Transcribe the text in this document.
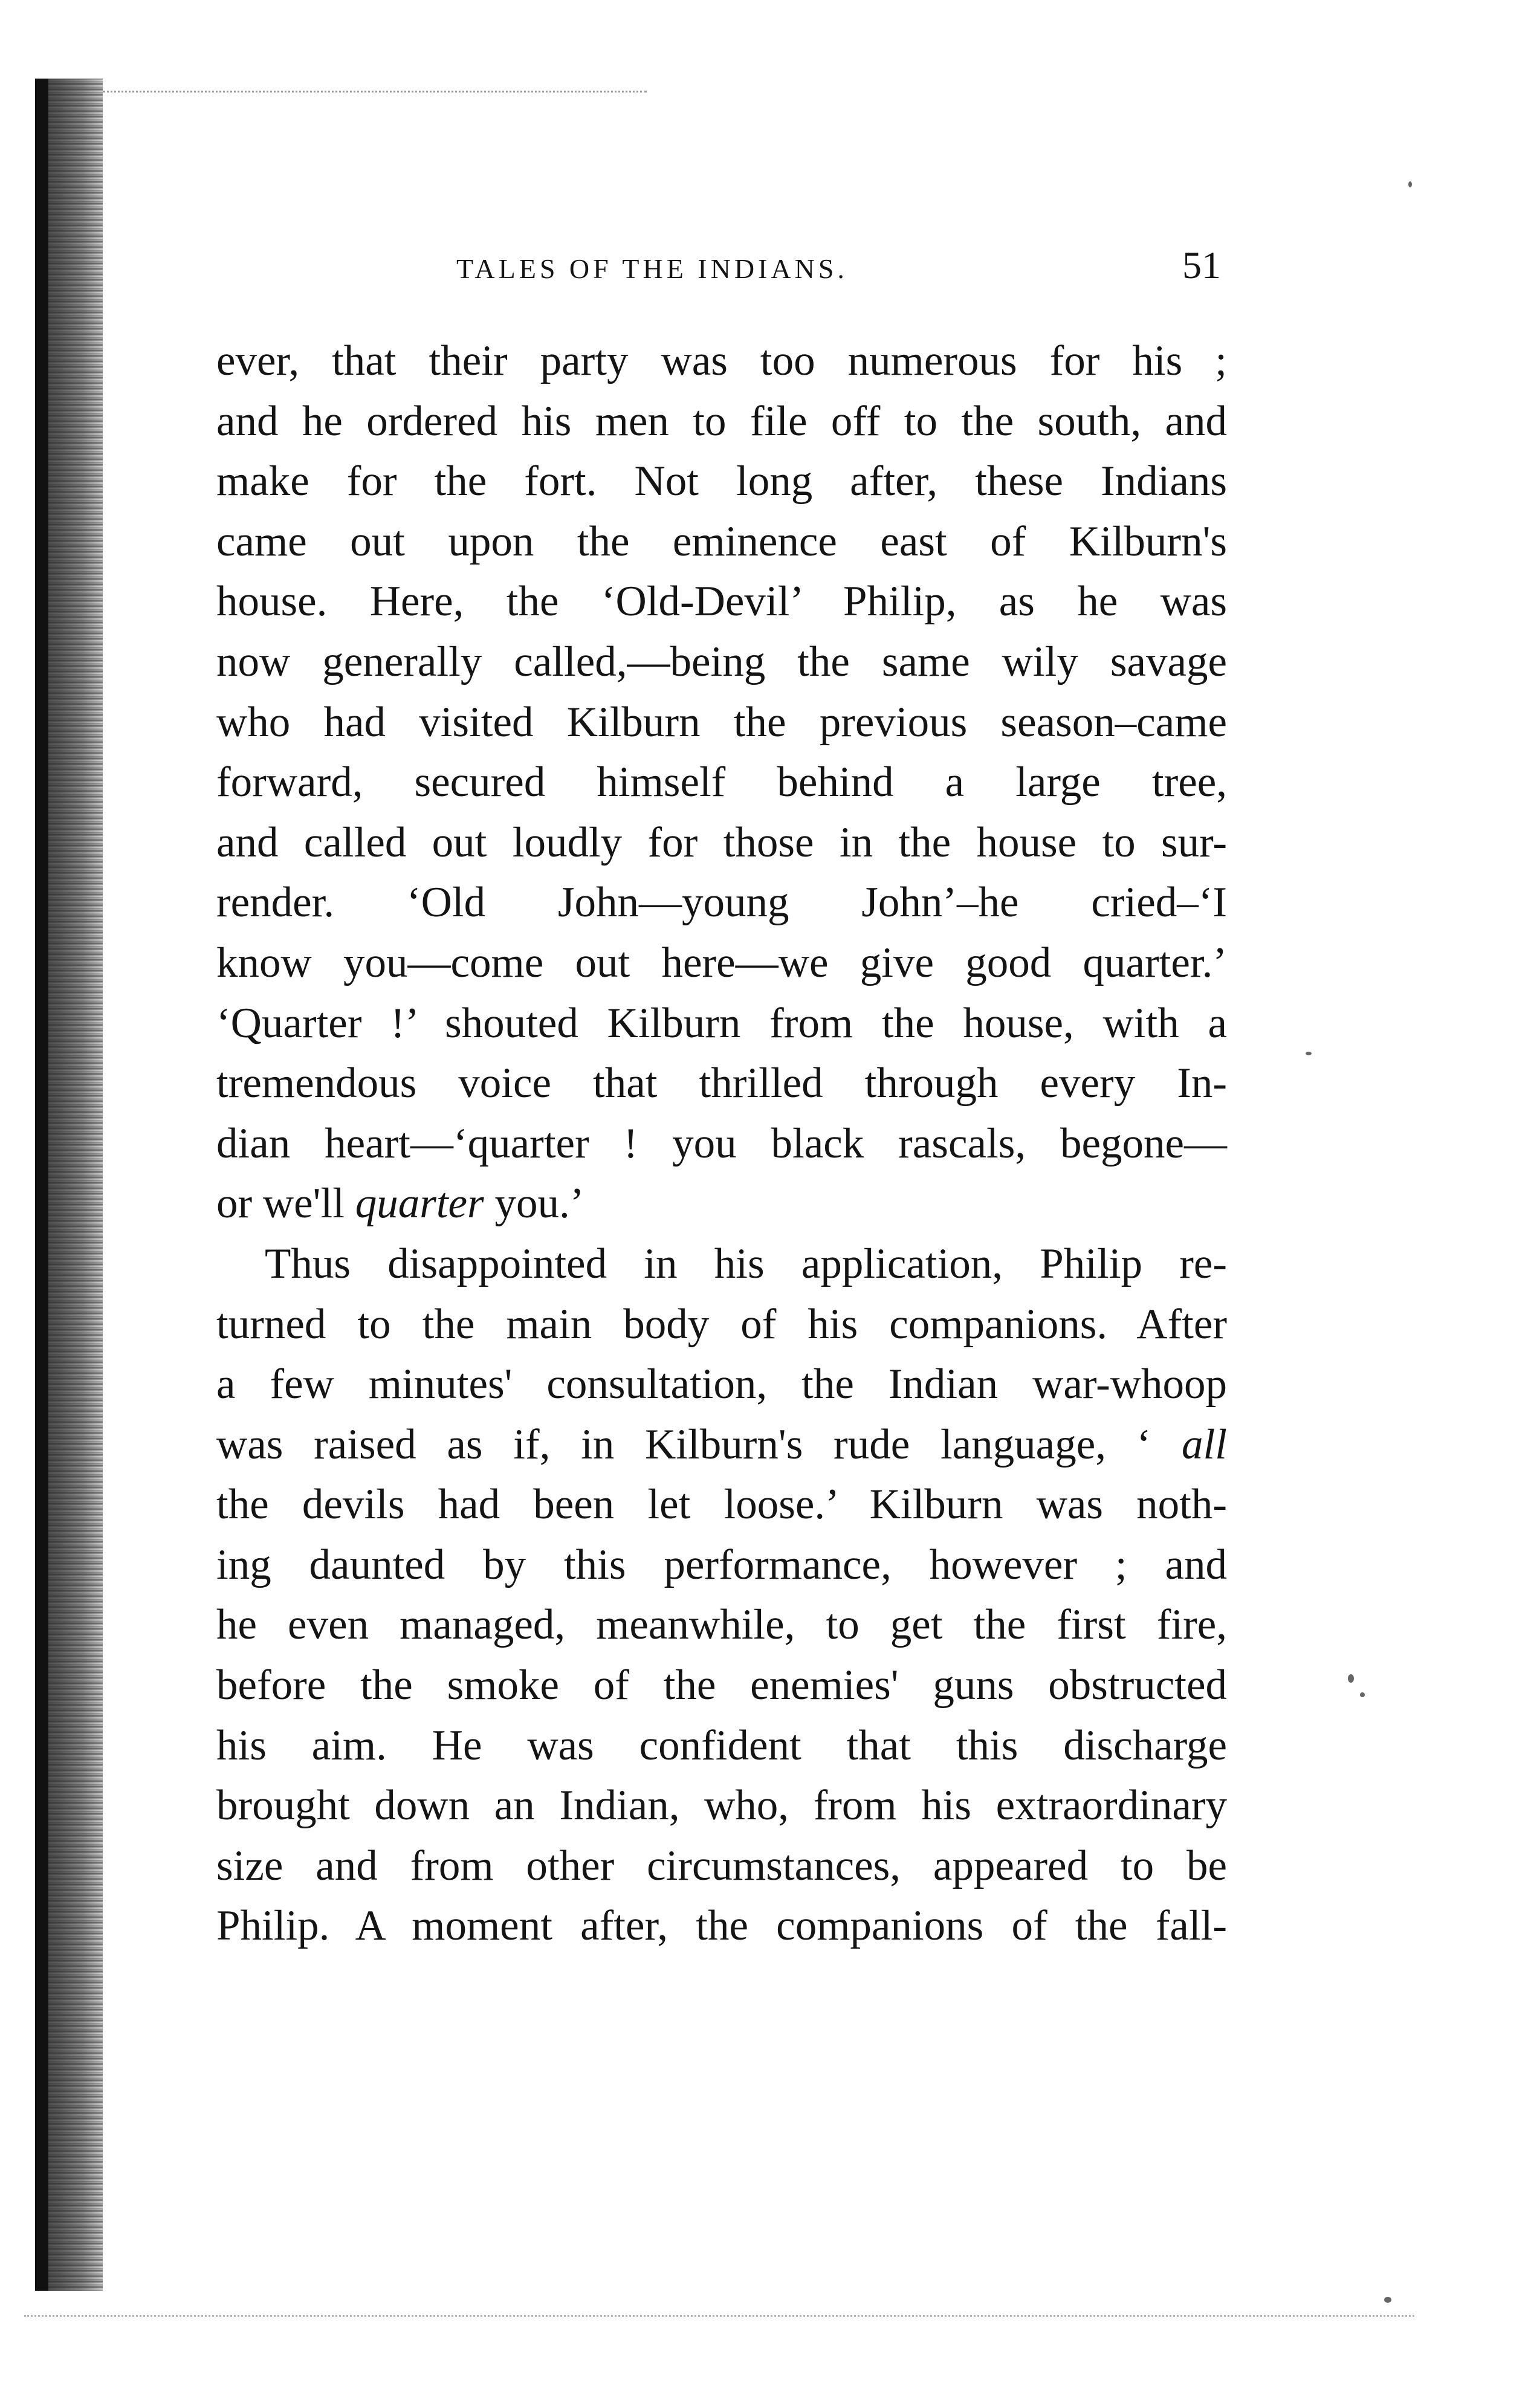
TALES OF THE INDIANS.	51
ever, that their party was too numerous for his ;
and he ordered his men to file off to the south, and
make for the fort. Not long after, these Indians
came out upon the eminence east of Kilburn's
house. Here, the ‘Old-Devil’ Philip, as he was
now generally called,—being the same wily savage
who had visited Kilburn the previous season–came
forward, secured himself behind a large tree,
and called out loudly for those in the house to sur-
render. ‘Old John—young John’–he cried–‘I
know you—come out here—we give good quarter.’
‘Quarter !’ shouted Kilburn from the house, with a
tremendous voice that thrilled through every In-
dian heart—‘quarter ! you black rascals, begone—
or we'll quarter you.’
Thus disappointed in his application, Philip re-
turned to the main body of his companions. After
a few minutes' consultation, the Indian war-whoop
was raised as if, in Kilburn's rude language, ‘ all
the devils had been let loose.’ Kilburn was noth-
ing daunted by this performance, however ; and
he even managed, meanwhile, to get the first fire,
before the smoke of the enemies' guns obstructed
his aim. He was confident that this discharge
brought down an Indian, who, from his extraordinary
size and from other circumstances, appeared to be
Philip. A moment after, the companions of the fall-
